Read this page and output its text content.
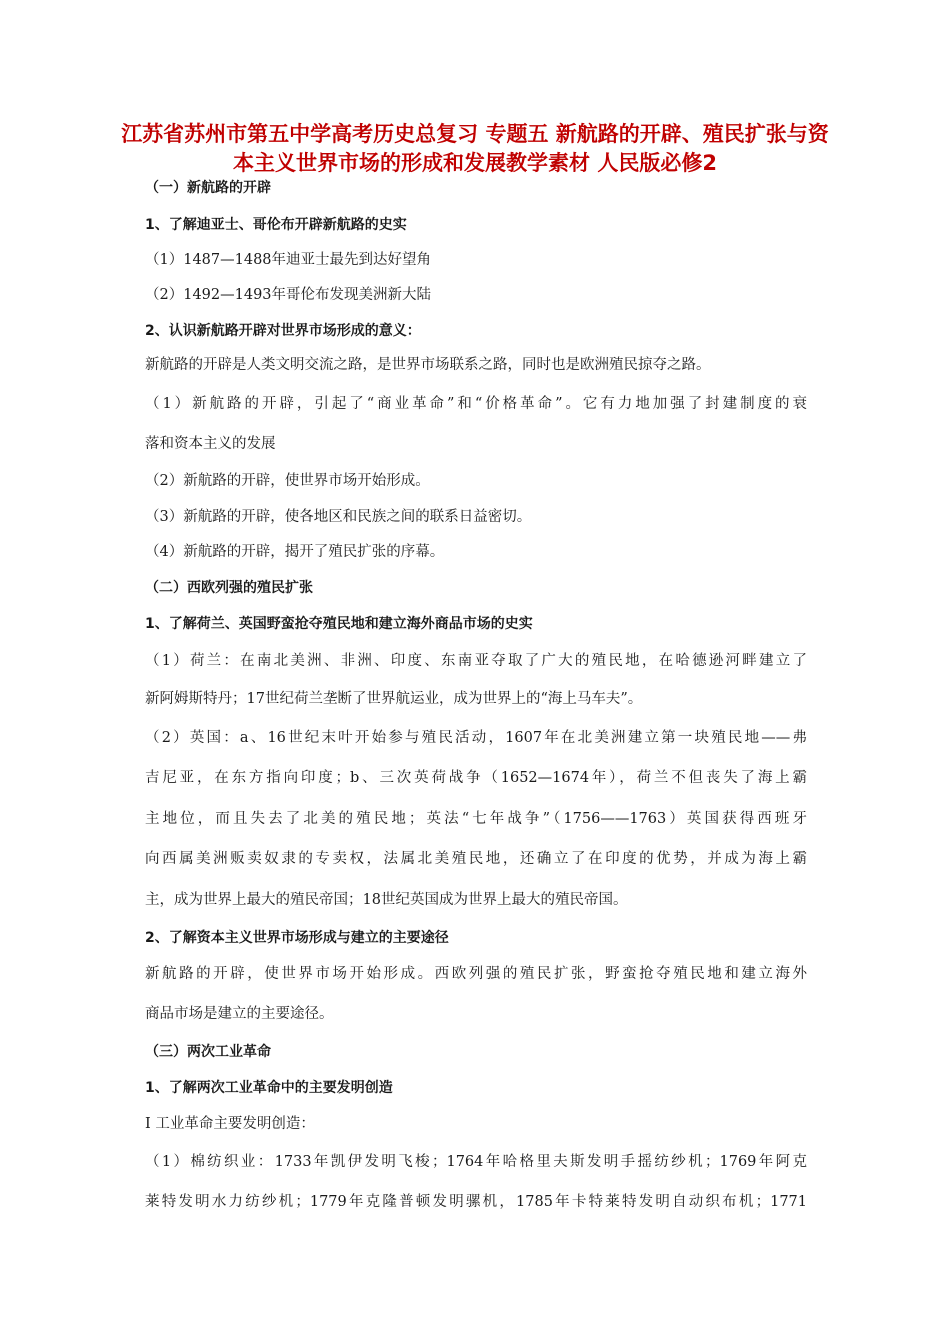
江苏省苏州市第五中学高考历史总复习 专题五 新航路的开辟、殖民扩张与资本主义世界市场的形成和发展教学素材 人民版必修2
（一）新航路的开辟
1、了解迪亚士、哥伦布开辟新航路的史实
（1）1487—1488年迪亚士最先到达好望角
（2）1492—1493年哥伦布发现美洲新大陆
2、认识新航路开辟对世界市场形成的意义：
新航路的开辟是人类文明交流之路，是世界市场联系之路，同时也是欧洲殖民掠夺之路。
（1）新航路的开辟，引起了“商业革命”和“价格革命”。它有力地加强了封建制度的衰
落和资本主义的发展
（2）新航路的开辟，使世界市场开始形成。
（3）新航路的开辟，使各地区和民族之间的联系日益密切。
（4）新航路的开辟，揭开了殖民扩张的序幕。
（二）西欧列强的殖民扩张
1、了解荷兰、英国野蛮抢夺殖民地和建立海外商品市场的史实
（1）荷兰：在南北美洲、非洲、印度、东南亚夺取了广大的殖民地，在哈德逊河畔建立了
新阿姆斯特丹；17世纪荷兰垄断了世界航运业，成为世界上的“海上马车夫”。
（2）英国：a、16世纪末叶开始参与殖民活动，1607年在北美洲建立第一块殖民地——弗
吉尼亚，在东方指向印度；b、三次英荷战争（1652—1674年），荷兰不但丧失了海上霸
主地位，而且失去了北美的殖民地；英法“七年战争”（1756——1763）英国获得西班牙
向西属美洲贩卖奴隶的专卖权，法属北美殖民地，还确立了在印度的优势，并成为海上霸
主，成为世界上最大的殖民帝国；18世纪英国成为世界上最大的殖民帝国。
2、了解资本主义世界市场形成与建立的主要途径
新航路的开辟，使世界市场开始形成。西欧列强的殖民扩张，野蛮抢夺殖民地和建立海外
商品市场是建立的主要途径。
（三）两次工业革命
1、了解两次工业革命中的主要发明创造
Ⅰ 工业革命主要发明创造：
（1）棉纺织业：1733年凯伊发明飞梭；1764年哈格里夫斯发明手摇纺纱机；1769年阿克
莱特发明水力纺纱机；1779年克隆普顿发明骡机，1785年卡特莱特发明自动织布机；1771
